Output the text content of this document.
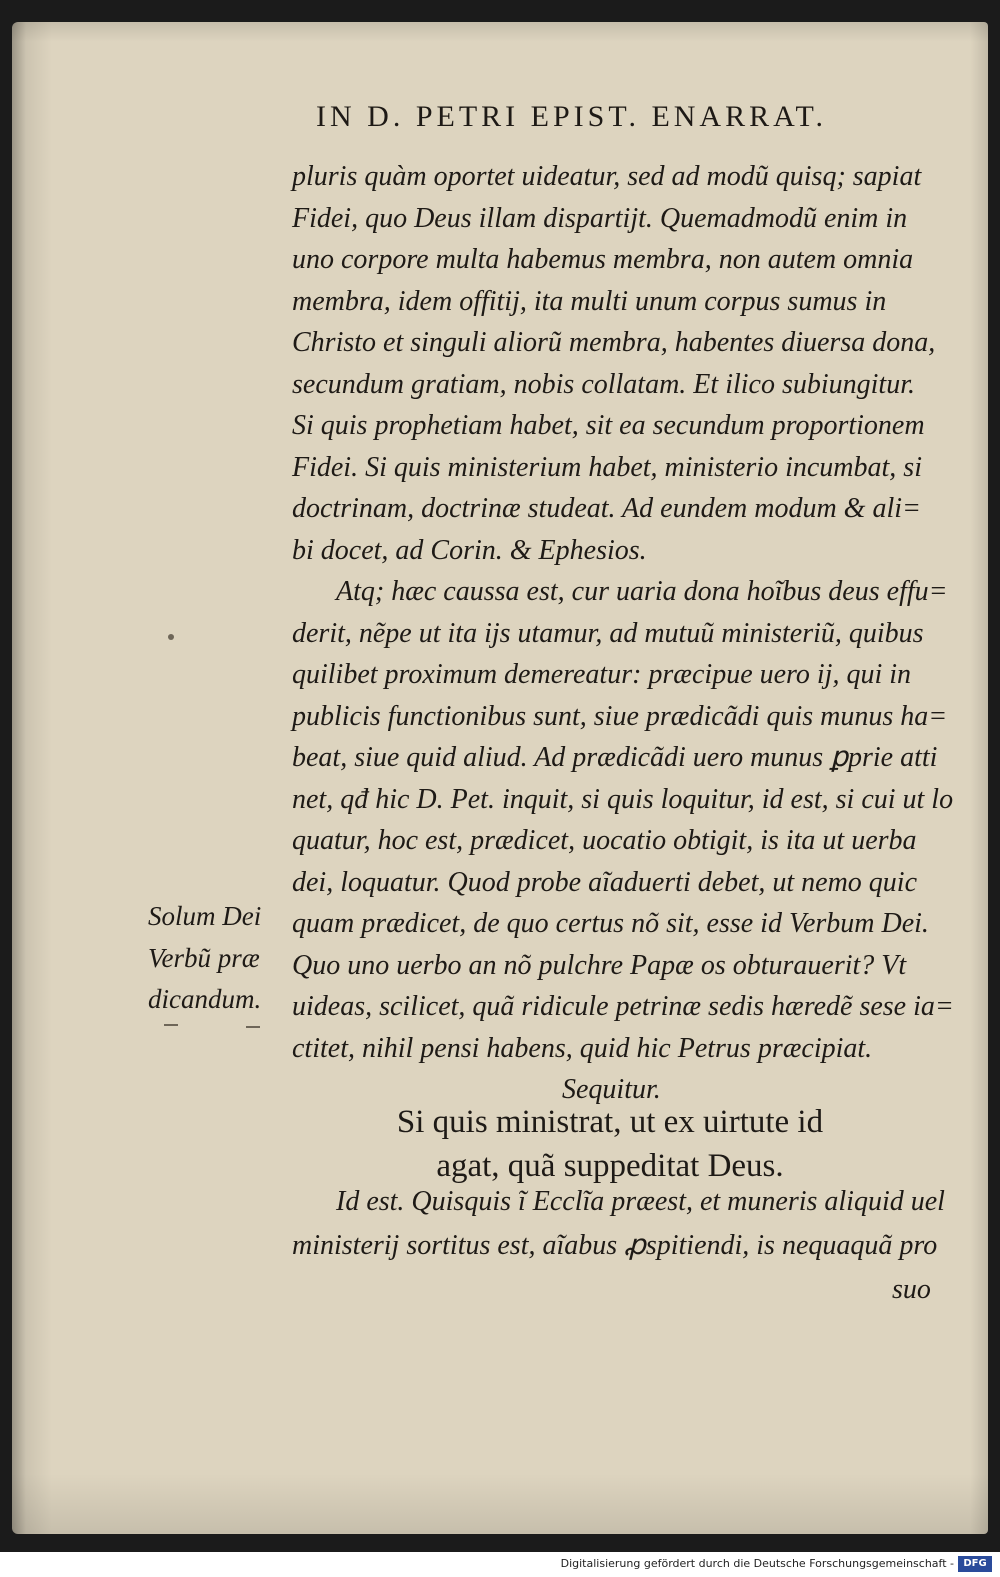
IN D. PETRI EPIST. ENARRAT.
pluris quàm oportet uideatur, sed ad modũ quisq; sapiat
Fidei, quo Deus illam dispartijt. Quemadmodũ enim in
uno corpore multa habemus membra, non autem omnia
membra, idem offitij, ita multi unum corpus sumus in
Christo et singuli aliorũ membra, habentes diuersa dona,
secundum gratiam, nobis collatam. Et ilico subiungitur.
Si quis prophetiam habet, sit ea secundum proportionem
Fidei. Si quis ministerium habet, ministerio incumbat, si
doctrinam, doctrinæ studeat. Ad eundem modum & ali=
bi docet, ad Corin. & Ephesios.
Atq; hæc caussa est, cur uaria dona hoĩbus deus effu=
derit, nẽpe ut ita ijs utamur, ad mutuũ ministeriũ, quibus
quilibet proximum demereatur: præcipue uero ij, qui in
publicis functionibus sunt, siue prædicãdi quis munus ha=
beat, siue quid aliud. Ad prædicãdi uero munus ꝑprie atti
net, qđ hic D. Pet. inquit, si quis loquitur, id est, si cui ut lo
quatur, hoc est, prædicet, uocatio obtigit, is ita ut uerba
dei, loquatur. Quod probe aĩaduerti debet, ut nemo quic
quam prædicet, de quo certus nõ sit, esse id Verbum Dei.
Quo uno uerbo an nõ pulchre Papæ os obturauerit? Vt
uideas, scilicet, quã ridicule petrinæ sedis hæredẽ sese ia=
ctitet, nihil pensi habens, quid hic Petrus præcipiat.
Sequitur.
Si quis ministrat, ut ex uirtute id
agat, quã suppeditat Deus.
Id est. Quisquis ĩ Ecclĩa præest, et muneris aliquid uel
ministerij sortitus est, aĩabus ꝓspitiendi, is nequaquã pro
suo
Solum Dei
Verbũ præ
dicandum.
Digitalisierung gefördert durch die Deutsche Forschungsgemeinschaft - DFG
